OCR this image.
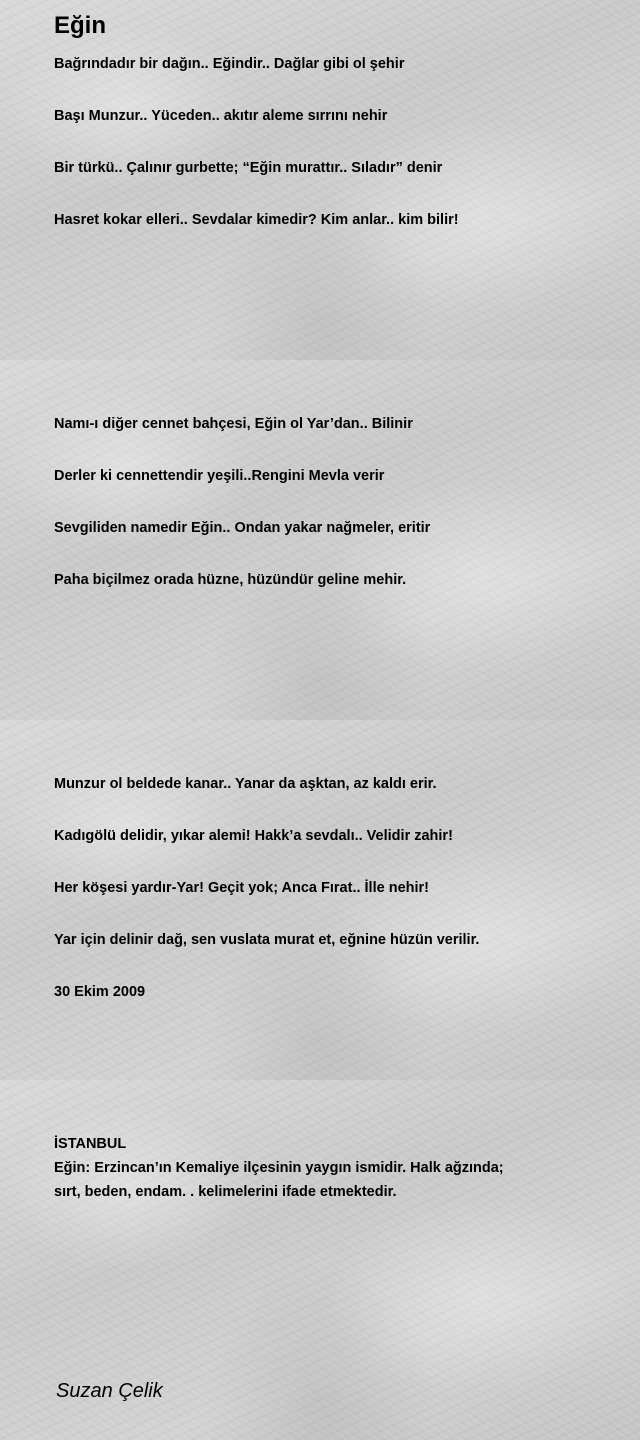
Eğin

Bağrındadır bir dağın.. Eğindir.. Dağlar gibi ol şehir

Başı Munzur.. Yüceden.. akıtır aleme sırrını nehir

Bir türkü.. Çalınır gurbette; “Eğin murattır.. Sıladır” denir

Hasret kokar elleri.. Sevdalar kimedir? Kim anlar.. kim bilir!

Namı-ı diğer cennet bahçesi, Eğin ol Yar’dan.. Bilinir

Derler ki cennettendir yeşili..Rengini Mevla verir

Sevgiliden namedir Eğin.. Ondan yakar nağmeler, eritir

Paha biçilmez orada hüzne, hüzündür geline mehir.

Munzur ol beldede kanar.. Yanar da aşktan, az kaldı erir.

Kadıgölü delidir, yıkar alemi! Hakk’a sevdalı.. Velidir zahir!

Her köşesi yardır-Yar! Geçit yok; Anca Fırat.. İlle nehir!

Yar için delinir dağ, sen vuslata murat et, eğnine hüzün verilir.

30 Ekim 2009

İSTANBUL

Eğin: Erzincan’ın Kemaliye ilçesinin yaygın ismidir. Halk ağzında;

sırt, beden, endam. . kelimelerini ifade etmektedir.

Suzan Çelik
